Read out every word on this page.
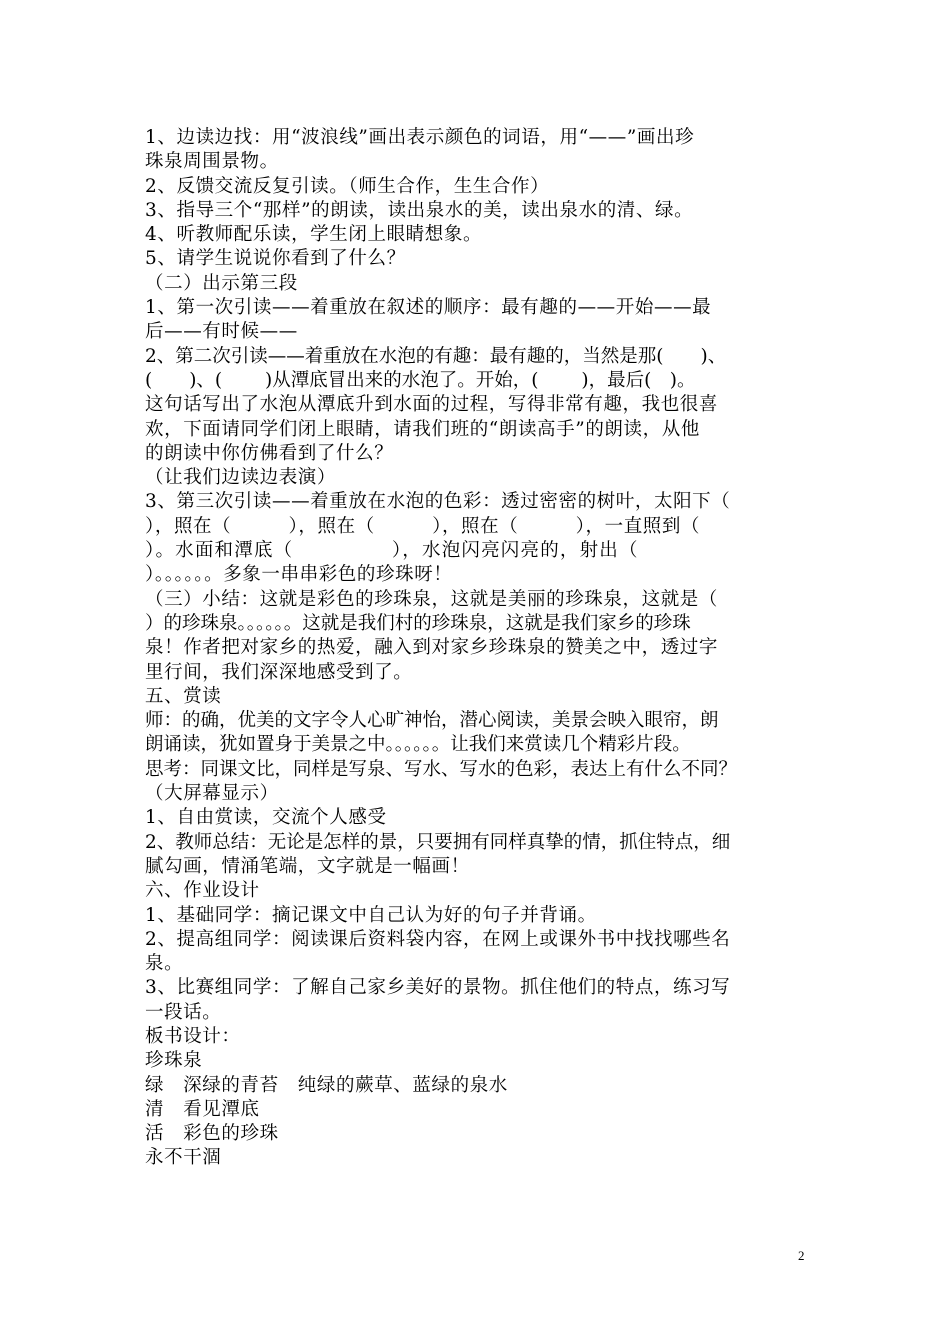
1、边读边找：用“波浪线”画出表示颜色的词语，用“——”画出珍
珠泉周围景物。
2、反馈交流反复引读。（师生合作，生生合作）
3、指导三个“那样”的朗读，读出泉水的美，读出泉水的清、绿。
4、听教师配乐读，学生闭上眼睛想象。
5、请学生说说你看到了什么？
（二）出示第三段
1、第一次引读——着重放在叙述的顺序：最有趣的——开始——最
后——有时候——
2、第二次引读——着重放在水泡的有趣：最有趣的，当然是那(　　)、
(　　)、(　　 )从潭底冒出来的水泡了。开始，(　　 )，最后(　)。
这句话写出了水泡从潭底升到水面的过程，写得非常有趣，我也很喜
欢，下面请同学们闭上眼睛，请我们班的“朗读高手”的朗读，从他
的朗读中你仿佛看到了什么？
（让我们边读边表演）
3、第三次引读——着重放在水泡的色彩：透过密密的树叶，太阳下（
），照在（　　　），照在（　　　），照在（　　　），一直照到（
）。水面和潭底（　　　　　），水泡闪亮闪亮的，射出（
）。。。。。。多象一串串彩色的珍珠呀！
（三）小结：这就是彩色的珍珠泉，这就是美丽的珍珠泉，这就是（
）的珍珠泉。。。。。。这就是我们村的珍珠泉，这就是我们家乡的珍珠
泉！作者把对家乡的热爱，融入到对家乡珍珠泉的赞美之中，透过字
里行间，我们深深地感受到了。
五、赏读
师：的确，优美的文字令人心旷神怡，潜心阅读，美景会映入眼帘，朗
朗诵读，犹如置身于美景之中。。。。。。让我们来赏读几个精彩片段。
思考：同课文比，同样是写泉、写水、写水的色彩，表达上有什么不同？
（大屏幕显示）
1、自由赏读，交流个人感受
2、教师总结：无论是怎样的景，只要拥有同样真挚的情，抓住特点，细
腻勾画，情涌笔端，文字就是一幅画！
六、作业设计
1、基础同学：摘记课文中自己认为好的句子并背诵。
2、提高组同学：阅读课后资料袋内容，在网上或课外书中找找哪些名
泉。
3、比赛组同学：了解自己家乡美好的景物。抓住他们的特点，练习写
一段话。
板书设计：
珍珠泉
绿　深绿的青苔　纯绿的蕨草、蓝绿的泉水
清　看见潭底
活　彩色的珍珠
永不干涸
2
